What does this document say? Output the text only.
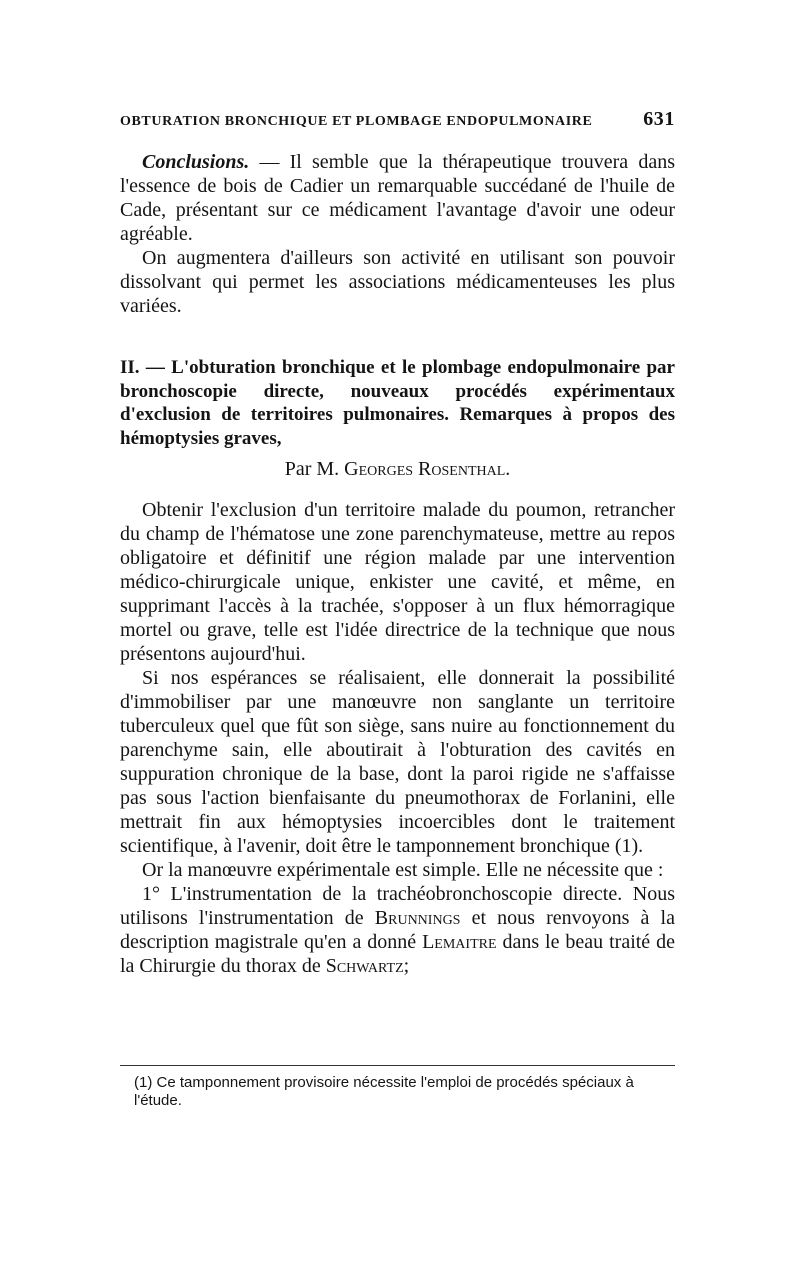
OBTURATION BRONCHIQUE ET PLOMBAGE ENDOPULMONAIRE	631

Conclusions. — Il semble que la thérapeutique trouvera dans l'essence de bois de Cadier un remarquable succédané de l'huile de Cade, présentant sur ce médicament l'avantage d'avoir une odeur agréable.

On augmentera d'ailleurs son activité en utilisant son pouvoir dissolvant qui permet les associations médicamenteuses les plus variées.

II. — L'obturation bronchique et le plombage endopulmonaire par bronchoscopie directe, nouveaux procédés expérimentaux d'exclusion de territoires pulmonaires. Remarques à propos des hémoptysies graves,
Par M. Georges Rosenthal.

Obtenir l'exclusion d'un territoire malade du poumon, retrancher du champ de l'hématose une zone parenchymateuse, mettre au repos obligatoire et définitif une région malade par une intervention médico-chirurgicale unique, enkister une cavité, et même, en supprimant l'accès à la trachée, s'opposer à un flux hémorragique mortel ou grave, telle est l'idée directrice de la technique que nous présentons aujourd'hui.

Si nos espérances se réalisaient, elle donnerait la possibilité d'immobiliser par une manœuvre non sanglante un territoire tuberculeux quel que fût son siège, sans nuire au fonctionnement du parenchyme sain, elle aboutirait à l'obturation des cavités en suppuration chronique de la base, dont la paroi rigide ne s'affaisse pas sous l'action bienfaisante du pneumothorax de Forlanini, elle mettrait fin aux hémoptysies incoercibles dont le traitement scientifique, à l'avenir, doit être le tamponnement bronchique (1).

Or la manœuvre expérimentale est simple. Elle ne nécessite que :

1° L'instrumentation de la trachéobronchoscopie directe. Nous utilisons l'instrumentation de Brunnings et nous renvoyons à la description magistrale qu'en a donné Lemaitre dans le beau traité de la Chirurgie du thorax de Schwartz;

(1) Ce tamponnement provisoire nécessite l'emploi de procédés spéciaux à l'étude.
